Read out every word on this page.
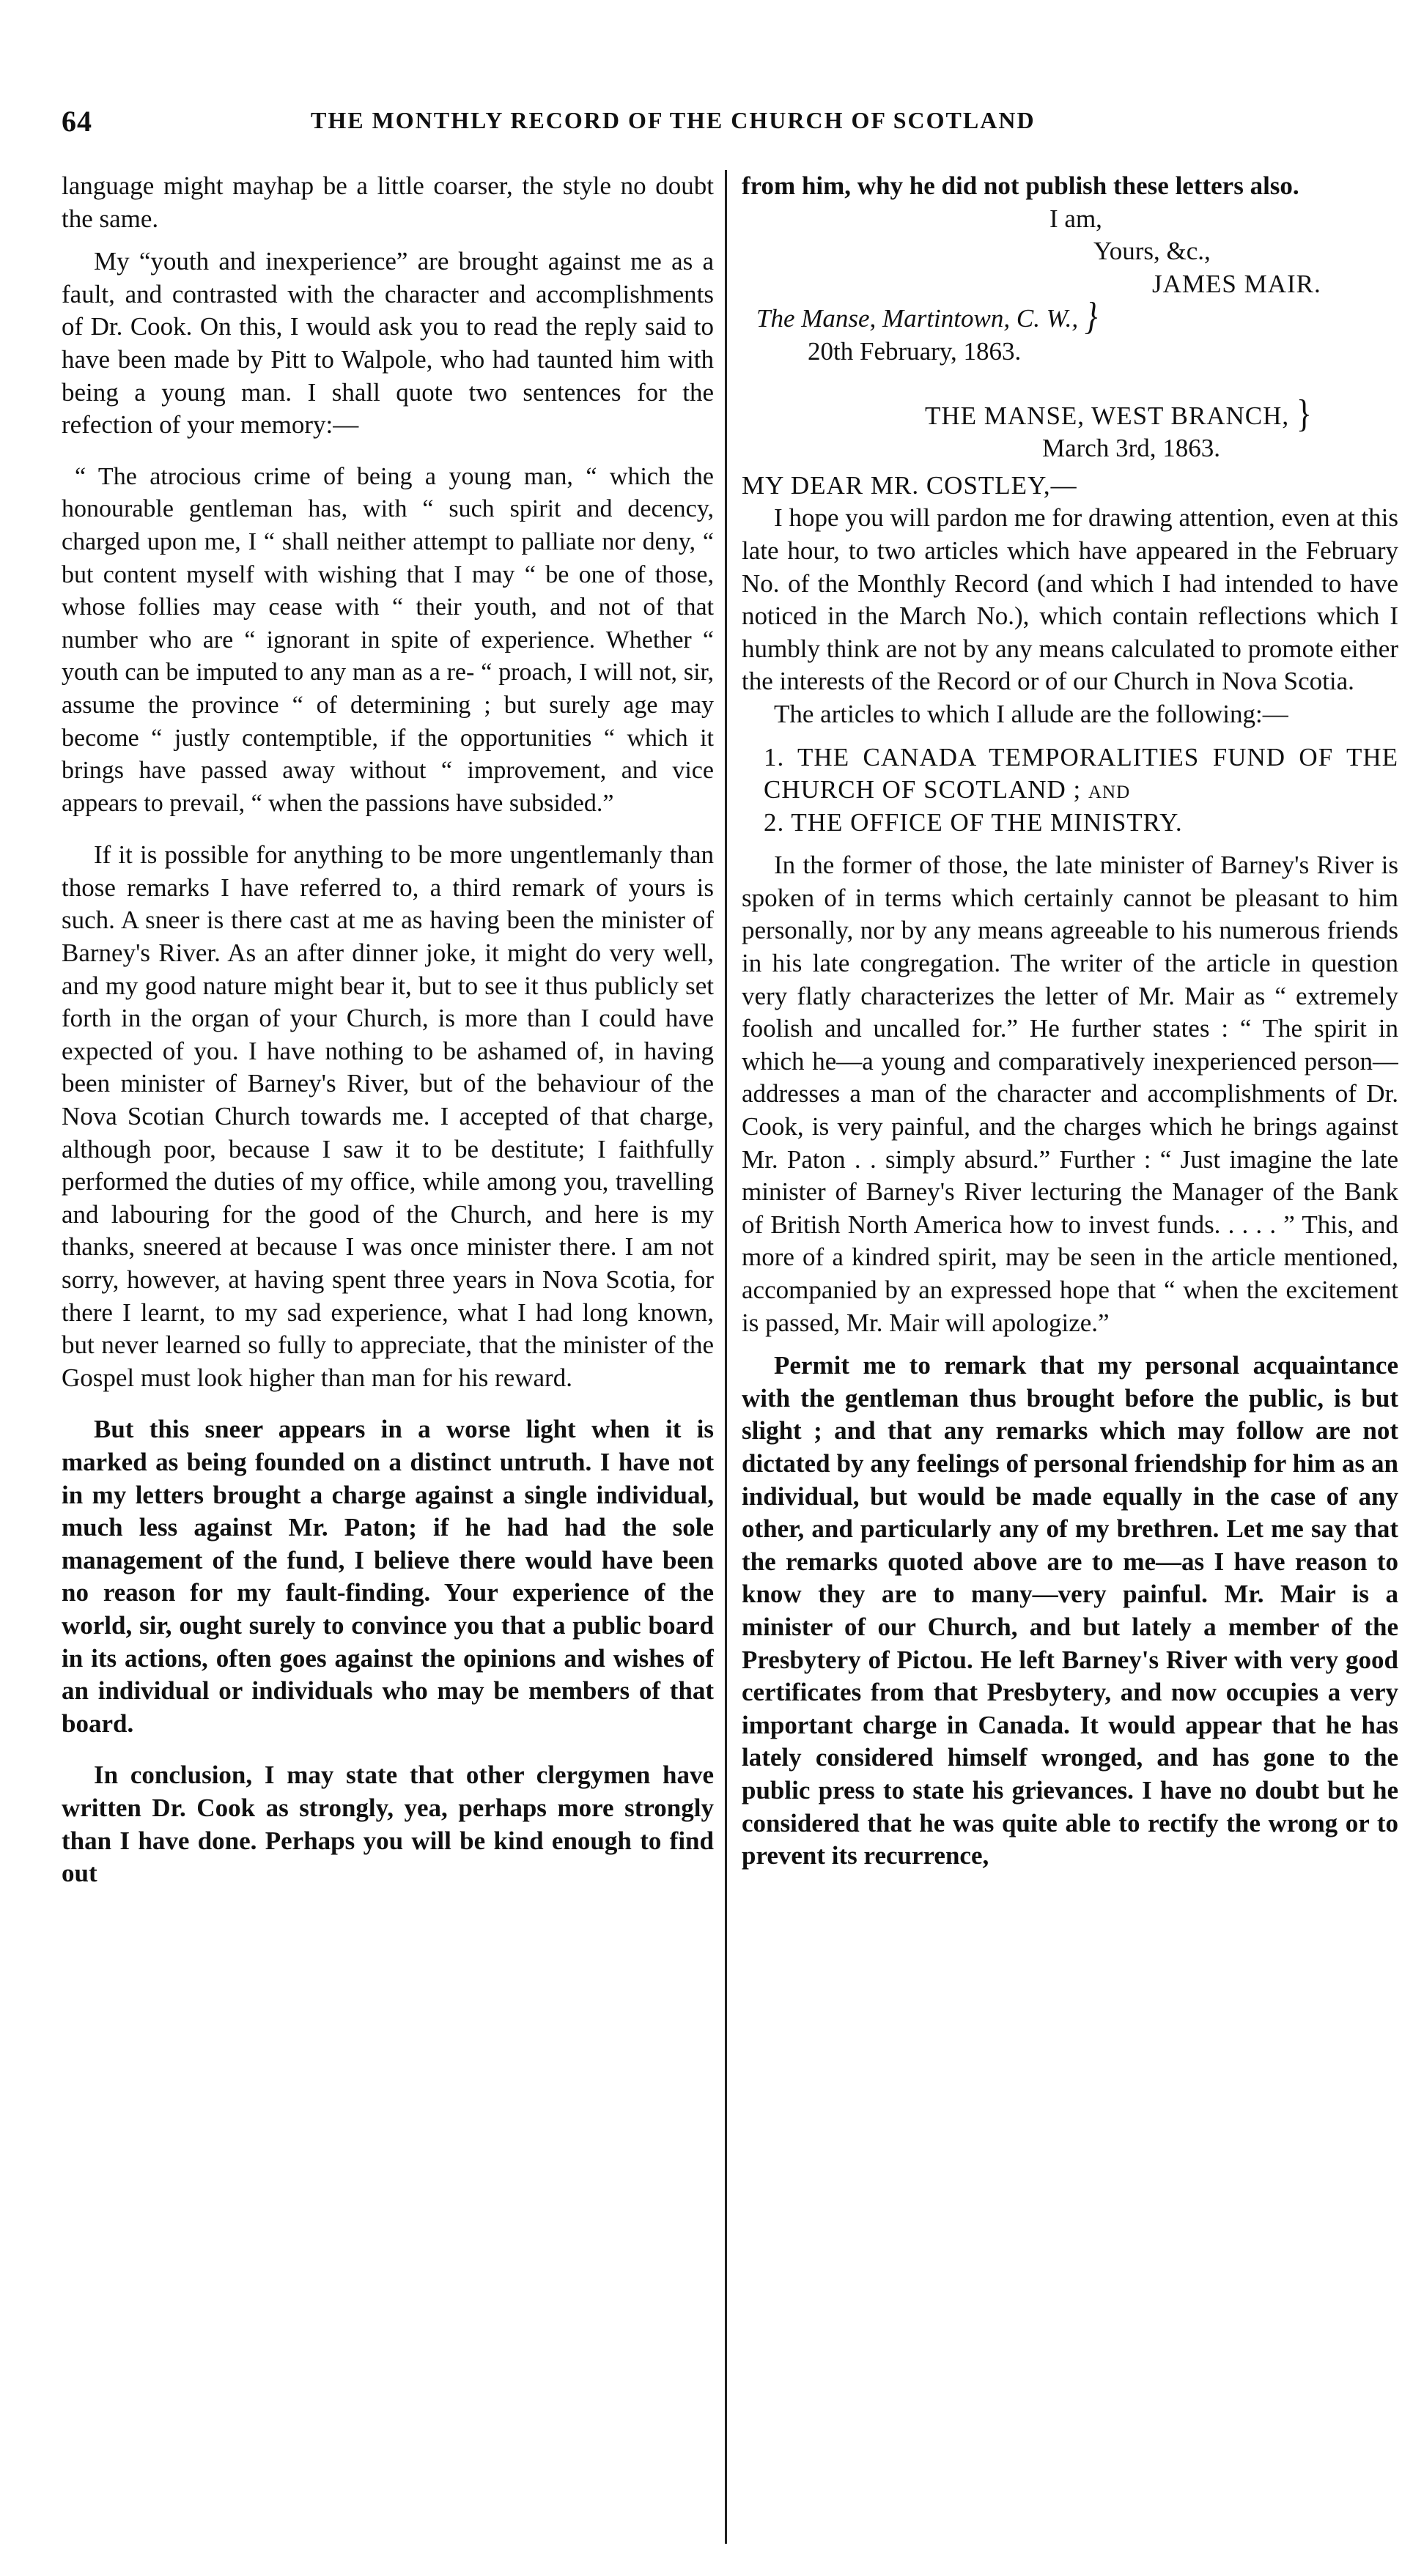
64	THE MONTHLY RECORD OF THE CHURCH OF SCOTLAND

language might mayhap be a little coarser, the style no doubt the same.

My “youth and inexperience” are brought against me as a fault, and contrasted with the character and accomplishments of Dr. Cook. On this, I would ask you to read the reply said to have been made by Pitt to Walpole, who had taunted him with being a young man. I shall quote two sentences for the refection of your memory:—

“ The atrocious crime of being a young man, “ which the honourable gentleman has, with “ such spirit and decency, charged upon me, I “ shall neither attempt to palliate nor deny, “ but content myself with wishing that I may “ be one of those, whose follies may cease with “ their youth, and not of that number who are “ ignorant in spite of experience. Whether “ youth can be imputed to any man as a re- “ proach, I will not, sir, assume the province “ of determining ; but surely age may become “ justly contemptible, if the opportunities “ which it brings have passed away without “ improvement, and vice appears to prevail, “ when the passions have subsided.”

If it is possible for anything to be more ungentlemanly than those remarks I have referred to, a third remark of yours is such. A sneer is there cast at me as having been the minister of Barney's River. As an after dinner joke, it might do very well, and my good nature might bear it, but to see it thus publicly set forth in the organ of your Church, is more than I could have expected of you. I have nothing to be ashamed of, in having been minister of Barney's River, but of the behaviour of the Nova Scotian Church towards me. I accepted of that charge, although poor, because I saw it to be destitute; I faithfully performed the duties of my office, while among you, travelling and labouring for the good of the Church, and here is my thanks, sneered at because I was once minister there. I am not sorry, however, at having spent three years in Nova Scotia, for there I learnt, to my sad experience, what I had long known, but never learned so fully to appreciate, that the minister of the Gospel must look higher than man for his reward.

But this sneer appears in a worse light when it is marked as being founded on a distinct untruth. I have not in my letters brought a charge against a single individual, much less against Mr. Paton; if he had had the sole management of the fund, I believe there would have been no reason for my fault-finding. Your experience of the world, sir, ought surely to convince you that a public board in its actions, often goes against the opinions and wishes of an individual or individuals who may be members of that board.

In conclusion, I may state that other clergymen have written Dr. Cook as strongly, yea, perhaps more strongly than I have done. Perhaps you will be kind enough to find out

from him, why he did not publish these letters also.

I am,

Yours, &c.,

JAMES MAIR.

The Manse, Martintown, C. W., }

20th February, 1863.

THE MANSE, WEST BRANCH, }

March 3rd, 1863.

MY DEAR MR. COSTLEY,—

I hope you will pardon me for drawing attention, even at this late hour, to two articles which have appeared in the February No. of the Monthly Record (and which I had intended to have noticed in the March No.), which contain reflections which I humbly think are not by any means calculated to promote either the interests of the Record or of our Church in Nova Scotia.

The articles to which I allude are the following:—

1. THE CANADA TEMPORALITIES FUND OF THE CHURCH OF SCOTLAND ; and

2. THE OFFICE OF THE MINISTRY.

In the former of those, the late minister of Barney's River is spoken of in terms which certainly cannot be pleasant to him personally, nor by any means agreeable to his numerous friends in his late congregation. The writer of the article in question very flatly characterizes the letter of Mr. Mair as “ extremely foolish and uncalled for.” He further states : “ The spirit in which he—a young and comparatively inexperienced person—addresses a man of the character and accomplishments of Dr. Cook, is very painful, and the charges which he brings against Mr. Paton . . simply absurd.” Further : “ Just imagine the late minister of Barney's River lecturing the Manager of the Bank of British North America how to invest funds. . . . . ” This, and more of a kindred spirit, may be seen in the article mentioned, accompanied by an expressed hope that “ when the excitement is passed, Mr. Mair will apologize.”

Permit me to remark that my personal acquaintance with the gentleman thus brought before the public, is but slight ; and that any remarks which may follow are not dictated by any feelings of personal friendship for him as an individual, but would be made equally in the case of any other, and particularly any of my brethren. Let me say that the remarks quoted above are to me—as I have reason to know they are to many—very painful. Mr. Mair is a minister of our Church, and but lately a member of the Presbytery of Pictou. He left Barney's River with very good certificates from that Presbytery, and now occupies a very important charge in Canada. It would appear that he has lately considered himself wronged, and has gone to the public press to state his grievances. I have no doubt but he considered that he was quite able to rectify the wrong or to prevent its recurrence,
